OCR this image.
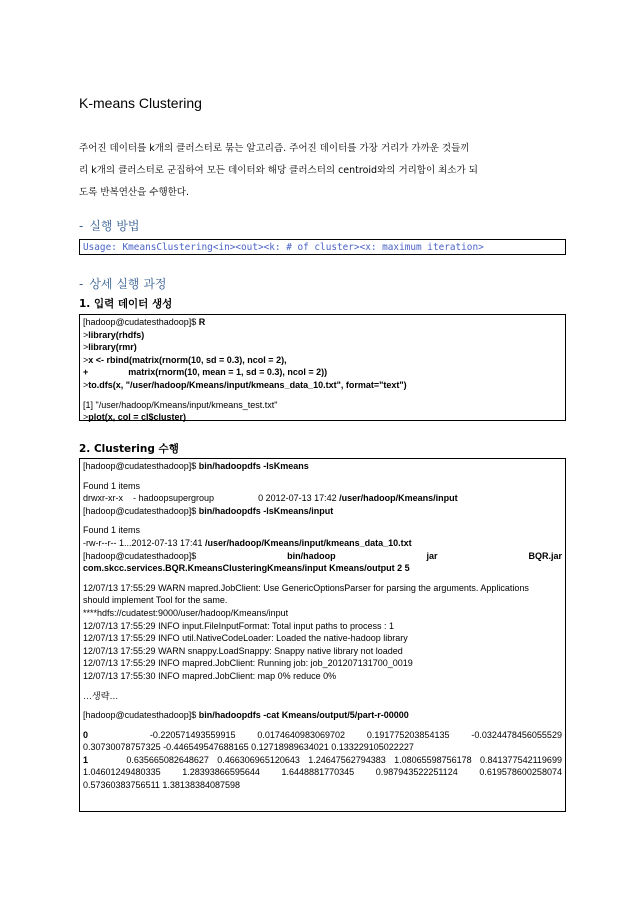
K-means Clustering
주어진 데이터를 k개의 클러스터로 묶는 알고리즘. 주어진 데이터를 가장 거리가 가까운 것들끼
리 k개의 클러스터로 군집하여 모든 데이터와 해당 클러스터의 centroid와의 거리합이 최소가 되
도록 반복연산을 수행한다.
- 실행 방법
Usage: KmeansClustering<in><out><k: # of cluster><x: maximum iteration>
- 상세 실행 과정
1. 입력 데이터 생성
[hadoop@cudatesthadoop]$ R
>library(rhdfs)
>library(rmr)
>x <- rbind(matrix(rnorm(10, sd = 0.3), ncol = 2),
+	matrix(rnorm(10, mean = 1, sd = 0.3), ncol = 2))
>to.dfs(x, "/user/hadoop/Kmeans/input/kmeans_data_10.txt", format="text")
[1] "/user/hadoop/Kmeans/input/kmeans_test.txt"
>plot(x, col = cl$cluster)
2. Clustering 수행
[hadoop@cudatesthadoop]$ bin/hadoopdfs -lsKmeans
Found 1 items
drwxr-xr-x - hadoopsupergroup	0 2012-07-13 17:42 /user/hadoop/Kmeans/input
[hadoop@cudatesthadoop]$ bin/hadoopdfs -lsKmeans/input
Found 1 items
-rw-r--r-- 1...2012-07-13 17:41 /user/hadoop/Kmeans/input/kmeans_data_10.txt
[hadoop@cudatesthadoop]$	bin/hadoop	jar	BQR.jar
com.skcc.services.BQR.KmeansClusteringKmeans/input Kmeans/output 2 5
12/07/13 17:55:29 WARN mapred.JobClient: Use GenericOptionsParser for parsing the arguments. Applications
should implement Tool for the same.
****hdfs://cudatest:9000/user/hadoop/Kmeans/input
12/07/13 17:55:29 INFO input.FileInputFormat: Total input paths to process : 1
12/07/13 17:55:29 INFO util.NativeCodeLoader: Loaded the native-hadoop library
12/07/13 17:55:29 WARN snappy.LoadSnappy: Snappy native library not loaded
12/07/13 17:55:29 INFO mapred.JobClient: Running job: job_201207131700_0019
12/07/13 17:55:30 INFO mapred.JobClient: map 0% reduce 0%
…생략…
[hadoop@cudatesthadoop]$ bin/hadoopdfs -cat Kmeans/output/5/part-r-00000
0	-0.220571493559915 0.0174640983069702 0.191775203854135 -0.0324478456055529
0.30730078757325 -0.446549547688165 0.12718989634021 0.133229105022227
1	0.635665082648627 0.466306965120643 1.24647562794383 1.08065598756178 0.841377542119699
1.04601249480335 1.28393866595644 1.6448881770345 0.987943522251124 0.619578600258074
0.57360383756511 1.38138384087598
